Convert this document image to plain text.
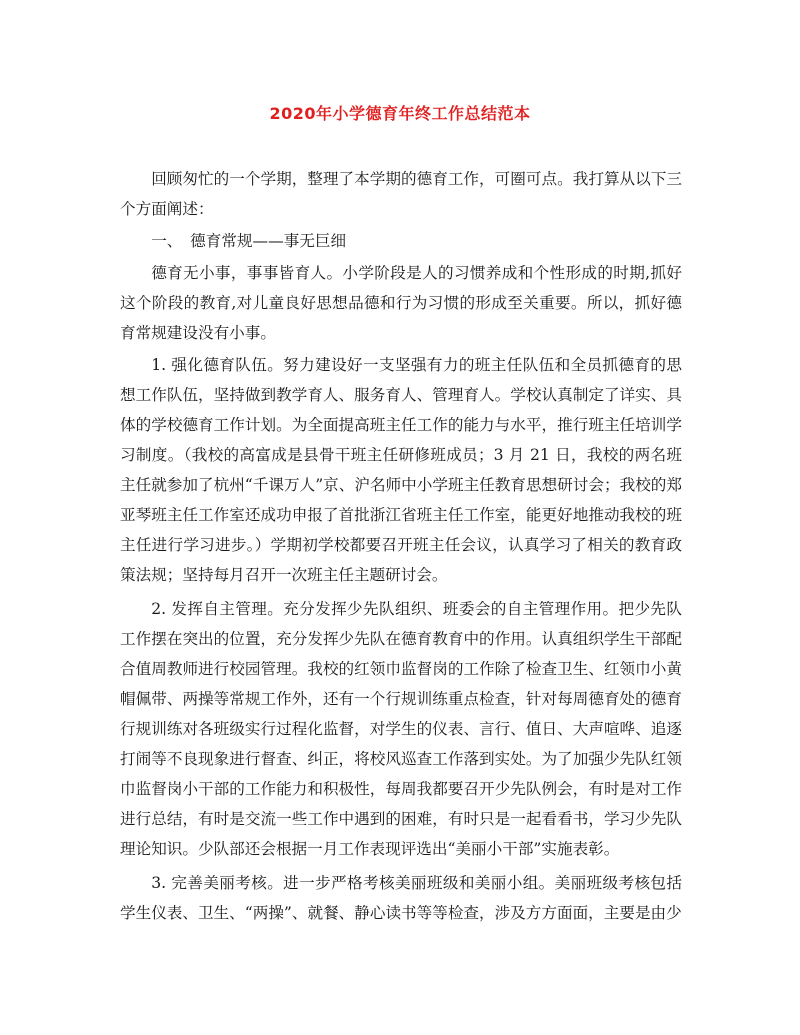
2020年小学德育年终工作总结范本

回顾匆忙的一个学期，整理了本学期的德育工作，可圈可点。我打算从以下三个方面阐述：

一、　德育常规——事无巨细

德育无小事，事事皆育人。小学阶段是人的习惯养成和个性形成的时期,抓好这个阶段的教育,对儿童良好思想品德和行为习惯的形成至关重要。所以，抓好德育常规建设没有小事。

1. 强化德育队伍。努力建设好一支坚强有力的班主任队伍和全员抓德育的思想工作队伍，坚持做到教学育人、服务育人、管理育人。学校认真制定了详实、具体的学校德育工作计划。为全面提高班主任工作的能力与水平，推行班主任培训学习制度。（我校的高富成是县骨干班主任研修班成员；3 月 21 日，我校的两名班主任就参加了杭州“千课万人”京、沪名师中小学班主任教育思想研讨会；我校的郑亚琴班主任工作室还成功申报了首批浙江省班主任工作室，能更好地推动我校的班主任进行学习进步。）学期初学校都要召开班主任会议，认真学习了相关的教育政策法规；坚持每月召开一次班主任主题研讨会。

2. 发挥自主管理。充分发挥少先队组织、班委会的自主管理作用。把少先队工作摆在突出的位置，充分发挥少先队在德育教育中的作用。认真组织学生干部配合值周教师进行校园管理。我校的红领巾监督岗的工作除了检查卫生、红领巾小黄帽佩带、两操等常规工作外，还有一个行规训练重点检查，针对每周德育处的德育行规训练对各班级实行过程化监督，对学生的仪表、言行、值日、大声喧哗、追逐打闹等不良现象进行督查、纠正，将校风巡查工作落到实处。为了加强少先队红领巾监督岗小干部的工作能力和积极性，每周我都要召开少先队例会，有时是对工作进行总结，有时是交流一些工作中遇到的困难，有时只是一起看看书，学习少先队理论知识。少队部还会根据一月工作表现评选出“美丽小干部”实施表彰。

3. 完善美丽考核。进一步严格考核美丽班级和美丽小组。美丽班级考核包括学生仪表、卫生、“两操”、就餐、静心读书等等检查，涉及方方面面，主要是由少
